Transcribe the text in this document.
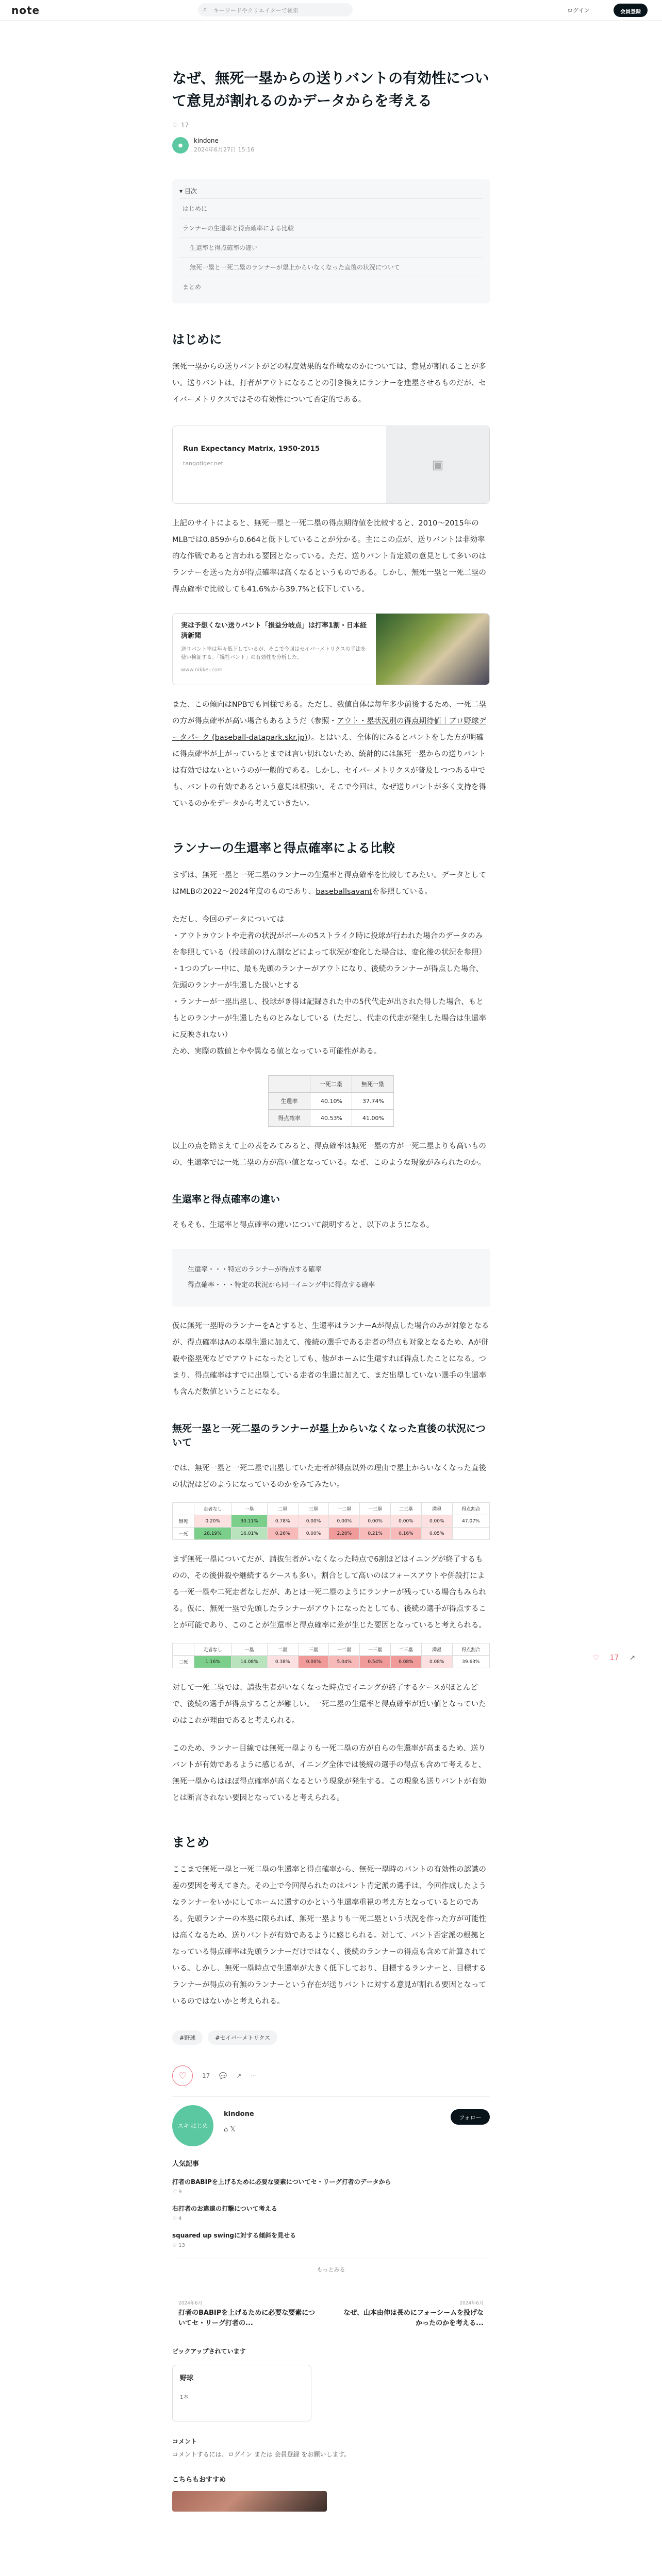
note	⌕ キーワードやクリエイターで検索	ログイン	会員登録
なぜ、無死一塁からの送りバントの有効性について意見が割れるのかデータからを考える
♡ 17
●
kindone
2024年6月27日 15:16
▾ 目次
はじめに
ランナーの生還率と得点確率による比較
生還率と得点確率の違い
無死一塁と一死二塁のランナーが塁上からいなくなった直後の状況について
まとめ
はじめに

無死一塁からの送りバントがどの程度効果的な作戦なのかについては、意見が割れることが多い。送りバントは、打者がアウトになることの引き換えにランナーを進塁させるものだが、セイバーメトリクスではその有効性について否定的である。

Run Expectancy Matrix, 1950-2015
tangotiger.net	▣

上記のサイトによると、無死一塁と一死二塁の得点期待値を比較すると、2010〜2015年のMLBでは0.859から0.664と低下していることが分かる。主にこの点が、送りバントは非効率的な作戦であると言われる要因となっている。ただ、送りバント肯定派の意見として多いのはランナーを送った方が得点確率は高くなるというものである。しかし、無死一塁と一死二塁の得点確率で比較しても41.6%から39.7%と低下している。

実は予想くない送りバント「損益分岐点」は打率1割・日本経済新聞
送りバント率は年々低下しているが、そこで今回はセイバーメトリクスの手法を使い検証する。「犠牲バント」の有効性を分析した。
www.nikkei.com

また、この傾向はNPBでも同様である。ただし、数値自体は毎年多少前後するため、一死二塁の方が得点確率が高い場合もあるようだ（参照・アウト・塁状況別の得点期待値｜プロ野球データパーク (baseball-datapark.skr.jp)）。とはいえ、全体的にみるとバントをした方が明確に得点確率が上がっているとまでは言い切れないため、統計的には無死一塁からの送りバントは有効ではないというのが一般的である。しかし、セイバーメトリクスが普及しつつある中でも、バントの有効であるという意見は根強い。そこで今回は、なぜ送りバントが多く支持を得ているのかをデータから考えていきたい。

ランナーの生還率と得点確率による比較

まずは、無死一塁と一死二塁のランナーの生還率と得点確率を比較してみたい。データとしてはMLBの2022〜2024年度のものであり、baseballsavantを参照している。

ただし、今回のデータについては
・アウトカウントや走者の状況がボールの5ストライク時に投球が行われた場合のデータのみを参照している（投球前のけん制などによって状況が変化した場合は、変化後の状況を参照）
・1つのプレー中に、最も先頭のランナーがアウトになり、後続のランナーが得点した場合、先頭のランナーが生還した扱いとする
・ランナーが一塁出塁し、投球がき得は記録された中の5代代走が出された得した場合、もともとのランナーが生還したものとみなしている（ただし、代走の代走が発生した場合は生還率に反映されない）
ため、実際の数値とやや異なる値となっている可能性がある。

	一死二塁	無死一塁
生還率	40.10%	37.74%
得点確率	40.53%	41.00%

以上の点を踏まえて上の表をみてみると、得点確率は無死一塁の方が一死二塁よりも高いものの、生還率では一死二塁の方が高い値となっている。なぜ、このような現象がみられたのか。

生還率と得点確率の違い

そもそも、生還率と得点確率の違いについて説明すると、以下のようになる。

生還率・・・特定のランナーが得点する確率
得点確率・・・特定の状況から同一イニング中に得点する確率

仮に無死一塁時のランナーをAとすると、生還率はランナーAが得点した場合のみが対象となるが、得点確率はAの本塁生還に加えて、後続の選手である走者の得点も対象となるため、Aが併殺や盗塁死などでアウトになったとしても、他がホームに生還すれば得点したことになる。つまり、得点確率はすでに出塁している走者の生還に加えて、まだ出塁していない選手の生還率も含んだ数値ということになる。

無死一塁と一死二塁のランナーが塁上からいなくなった直後の状況について

では、無死一塁と一死二塁で出塁していた走者が得点以外の理由で塁上からいなくなった直後の状況はどのようになっているのかをみてみたい。

	走者なし	一塁	二塁	三塁	一二塁	一三塁	二三塁	満塁	得点割合
無死	0.20%	30.11%	0.78%	0.00%	0.00%	0.00%	0.00%	0.00%	47.07%
一死	28.19%	16.01%	0.26%	0.00%	2.20%	0.21%	0.16%	0.05%	

まず無死一塁についてだが、請抜生者がいなくなった時点で6割ほどはイニングが終了するものの、その後併殺や継続するケースも多い。割合として高いのはフォースアウトや併殺打による一死一塁や二死走者なしだが、あとは一死二塁のようにランナーが残っている場合もみられる。仮に、無死一塁で先頭したランナーがアウトになったとしても、後続の選手が得点することが可能であり、このことが生還率と得点確率に差が生じた要因となっていると考えられる。

	走者なし	一塁	二塁	三塁	一二塁	一三塁	二三塁	満塁	得点割合
二死	1.16%	14.08%	0.38%	0.00%	5.04%	0.54%	0.08%	0.08%	39.63%

対して一死二塁では、請抜生者がいなくなった時点でイニングが終了するケースがほとんどで、後続の選手が得点することが難しい。一死二塁の生還率と得点確率が近い値となっていたのはこれが理由であると考えられる。

このため、ランナー目線では無死一塁よりも一死二塁の方が自らの生還率が高まるため、送りバントが有効であるように感じるが、イニング全体では後続の選手の得点も含めて考えると、無死一塁からはほぼ得点確率が高くなるという現象が発生する。この現象も送りバントが有効とは断言されない要因となっていると考えられる。

まとめ

ここまで無死一塁と一死二塁の生還率と得点確率から、無死一塁時のバントの有効性の認識の差の要因を考えてきた。その上で今回得られたのはバント肯定派の選手は、今回作成したようなランナーをいかにしてホームに還すのかという生還率重視の考え方となっているとのである。先頭ランナーの本塁に限られば、無死一塁よりも一死二塁という状況を作った方が可能性は高くなるため、送りバントが有効であるように感じられる。対して、バント否定派の根拠となっている得点確率は先頭ランナーだけではなく、後続のランナーの得点も含めて計算されている。しかし、無死一塁時点で生還率が大きく低下しており、目標するランナーと、目標するランナーが得点の有無のランナーという存在が送りバントに対する意見が割れる要因となっているのではないかと考えられる。

#野球	#セイバーメトリクス
♡	17 💬 ↗ ⋯
スキ はじめ
kindone
⌂ 𝕏
フォロー
人気記事
打者のBABIPを上げるために必要な要素についてセ・リーグ打者のデータから
♡ 9
右打者のお違遠の打撃について考える
♡ 4
squared up swingに対する傾斜を見せる
♡ 13
もっとみる
2024年6月
打者のBABIPを上げるために必要な要素についてセ・リーグ打者の...
2024年6月
なぜ、山本由伸は長めにフォーシームを投げなかったのかを考える...
ピックアップされています
野球
1本
コメント
コメントするには、ログイン または 会員登録 をお願いします。
こちらもおすすめ
♡ 17 ↗
